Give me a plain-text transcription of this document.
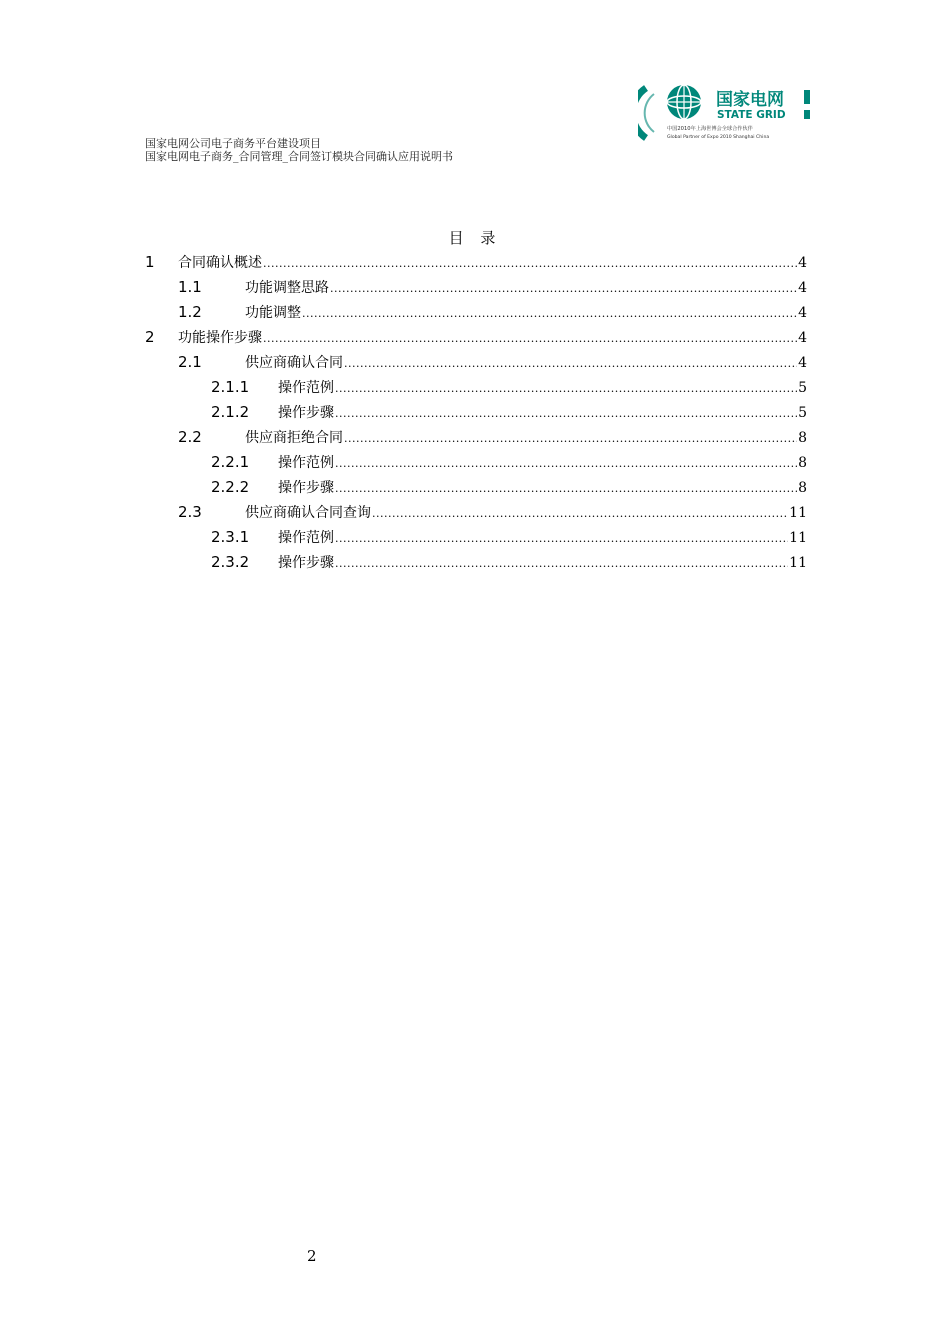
国家电网公司电子商务平台建设项目
国家电网电子商务_合同管理_合同签订模块合同确认应用说明书
国家电网
STATE GRID
中国2010年上海世博会全球合作伙伴
Global Partner of Expo 2010 Shanghai China
目 录
1	合同确认概述 .....	4
1.1	功能调整思路 .....	4
1.2	功能调整 .....	4
2	功能操作步骤 .....	4
2.1	供应商确认合同 .....	4
2.1.1	操作范例 .....	5
2.1.2	操作步骤 .....	5
2.2	供应商拒绝合同 .....	8
2.2.1	操作范例 .....	8
2.2.2	操作步骤 .....	8
2.3	供应商确认合同查询 .....	11
2.3.1	操作范例 .....	11
2.3.2	操作步骤 .....	11
2
